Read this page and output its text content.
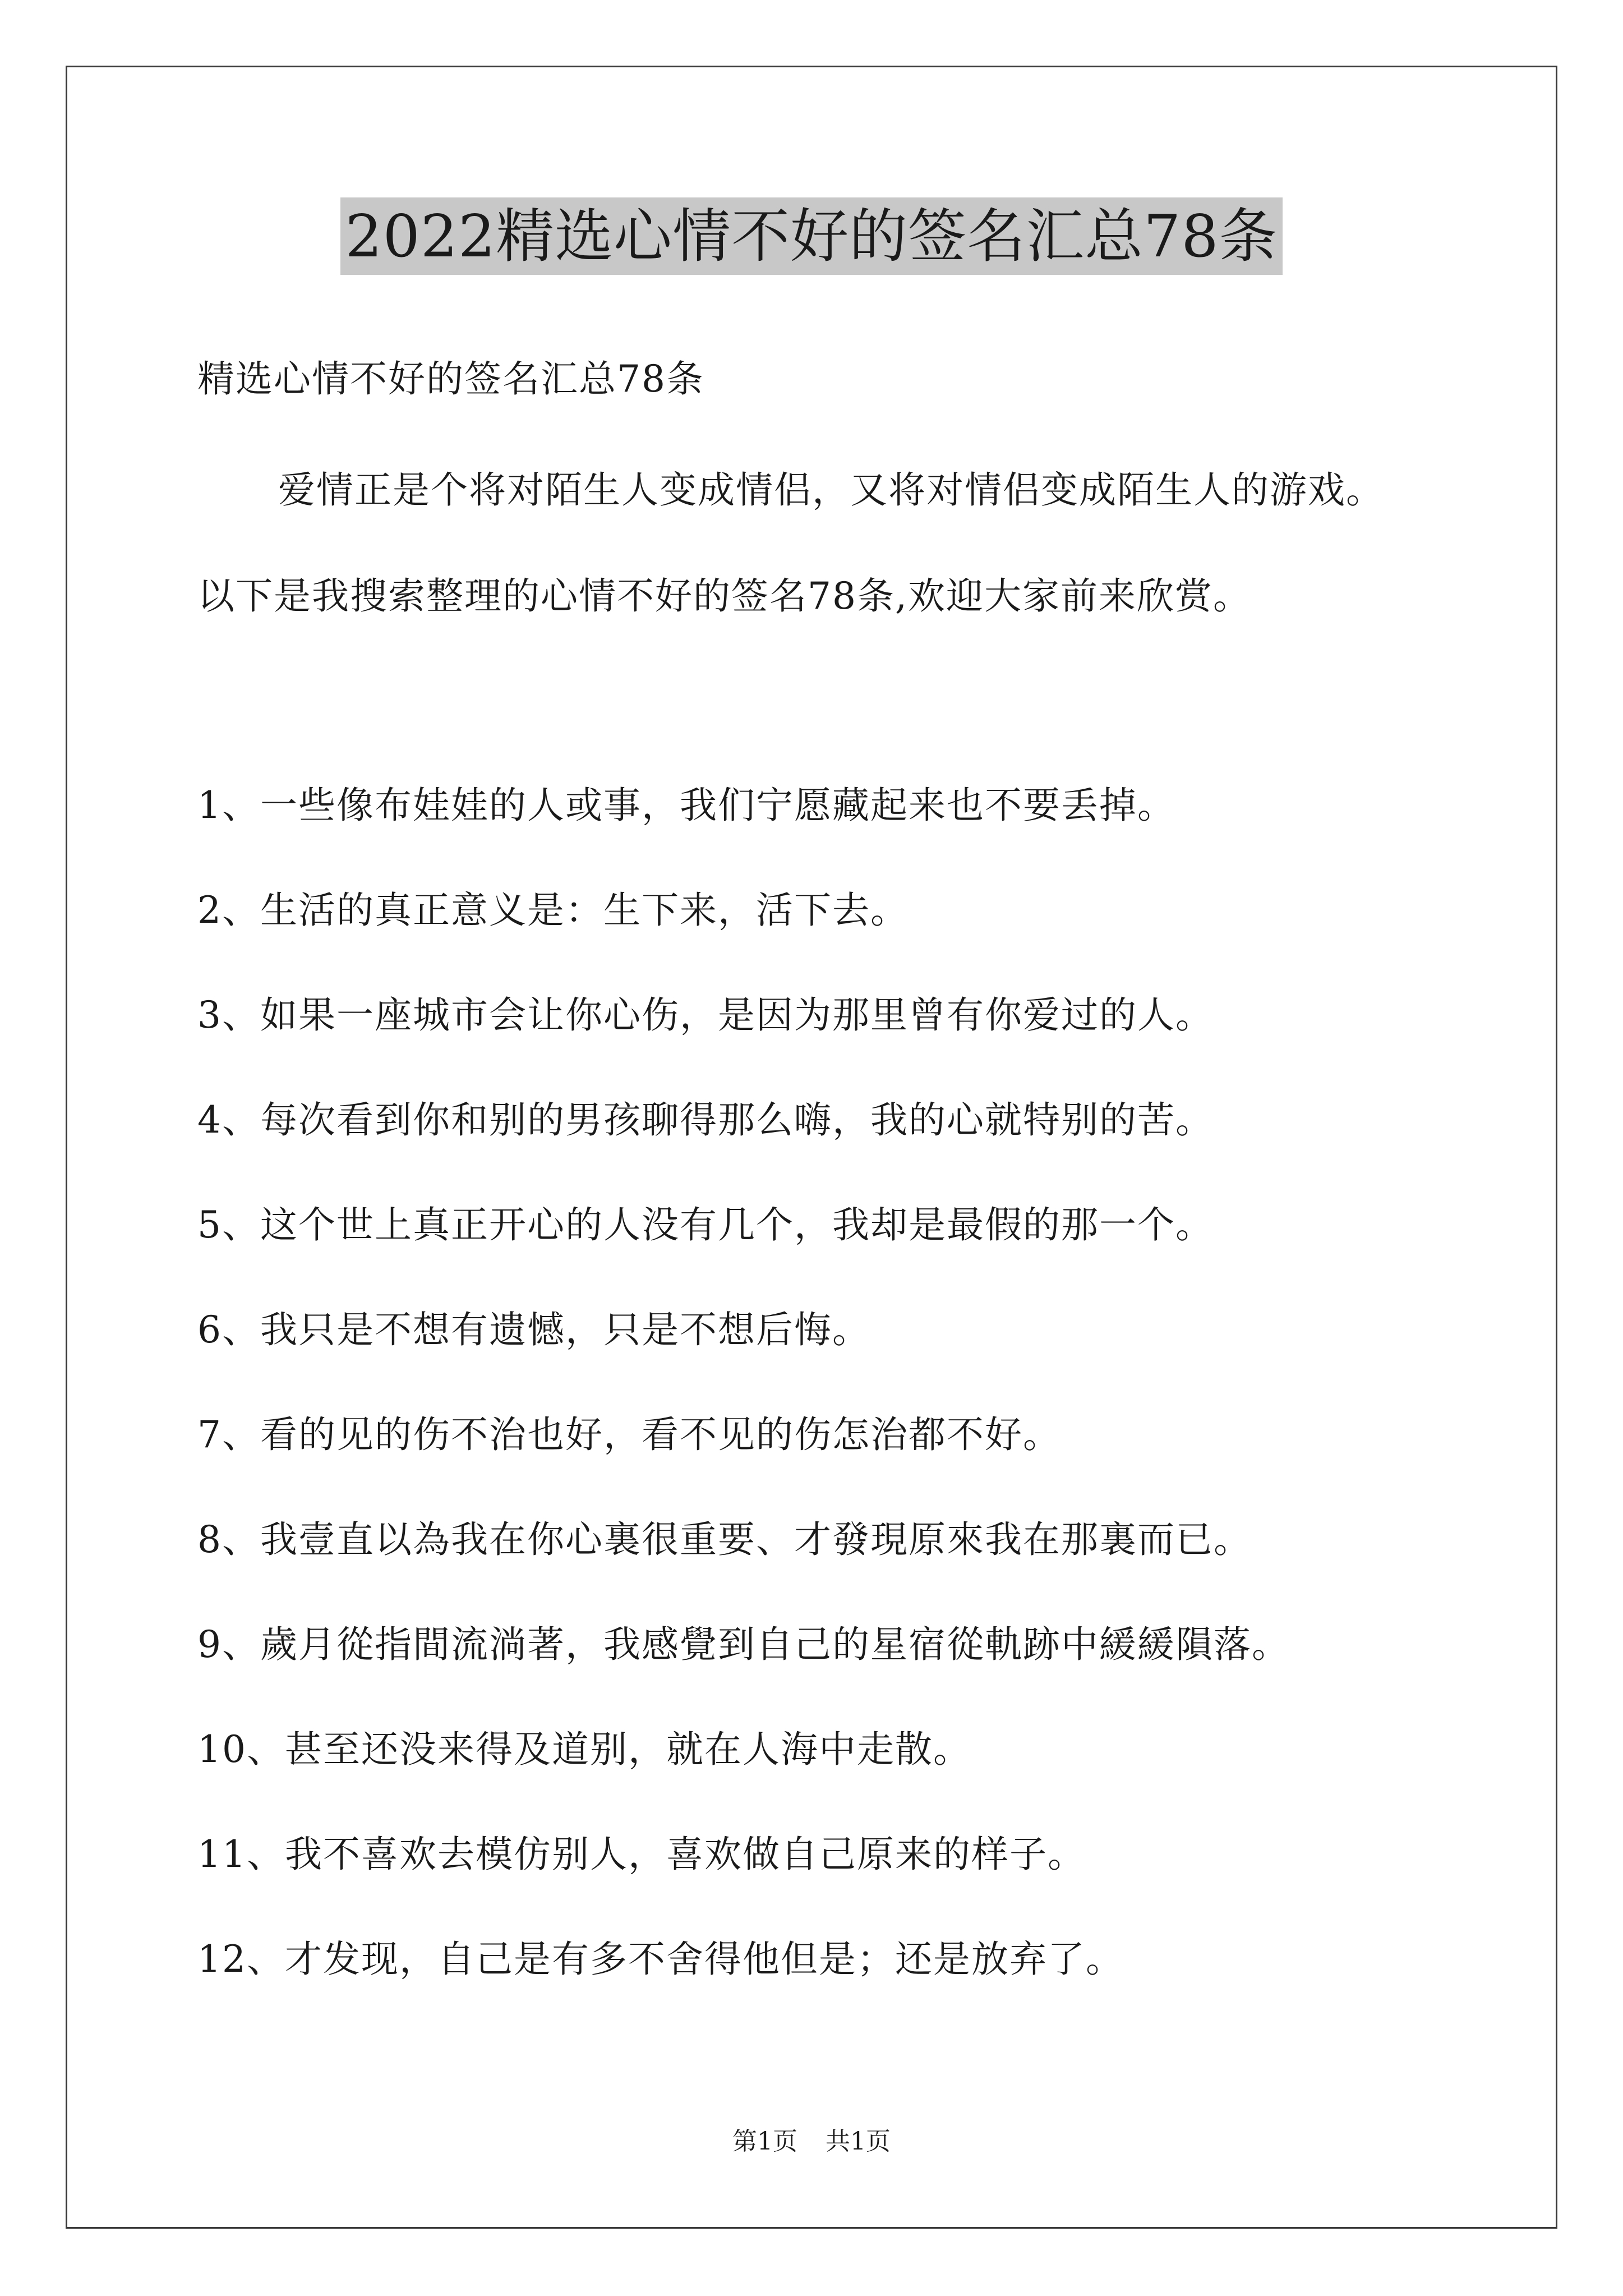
2022精选心情不好的签名汇总78条
精选心情不好的签名汇总78条
爱情正是个将对陌生人变成情侣，又将对情侣变成陌生人的游戏。
以下是我搜索整理的心情不好的签名78条,欢迎大家前来欣赏。
1、一些像布娃娃的人或事，我们宁愿藏起来也不要丢掉。
2、生活的真正意义是：生下来，活下去。
3、如果一座城市会让你心伤，是因为那里曾有你爱过的人。
4、每次看到你和别的男孩聊得那么嗨，我的心就特别的苦。
5、这个世上真正开心的人没有几个，我却是最假的那一个。
6、我只是不想有遗憾，只是不想后悔。
7、看的见的伤不治也好，看不见的伤怎治都不好。
8、我壹直以為我在你心裏很重要、才發現原來我在那裏而已。
9、歲月從指間流淌著，我感覺到自己的星宿從軌跡中緩緩隕落。
10、甚至还没来得及道别，就在人海中走散。
11、我不喜欢去模仿别人，喜欢做自己原来的样子。
12、才发现，自己是有多不舍得他但是；还是放弃了。
第1页 共1页
